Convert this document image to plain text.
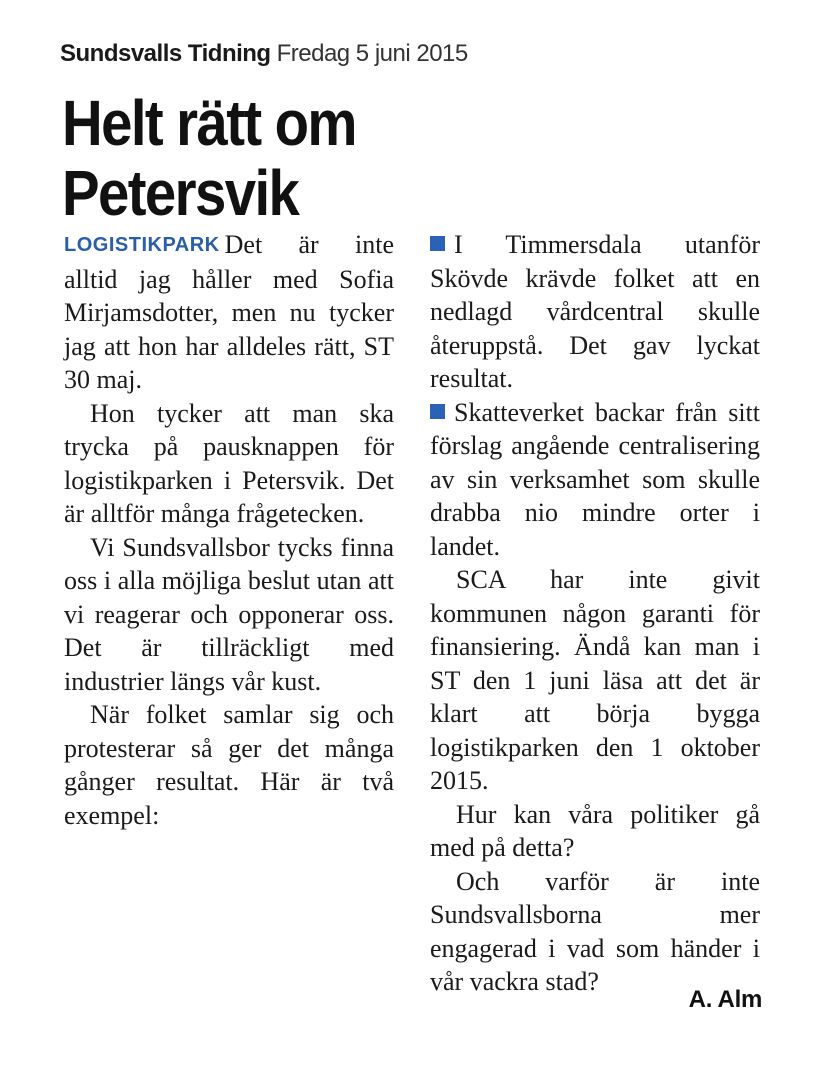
Sundsvalls Tidning Fredag 5 juni 2015
Helt rätt om Petersvik

LOGISTIKPARK Det är inte alltid jag håller med Sofia Mirjamsdotter, men nu tycker jag att hon har alldeles rätt, ST 30 maj.

Hon tycker att man ska trycka på pausknappen för logistikparken i Petersvik. Det är alltför många frågetecken.

Vi Sundsvallsbor tycks finna oss i alla möjliga beslut utan att vi reagerar och opponerar oss. Det är tillräckligt med industrier längs vår kust.

När folket samlar sig och protesterar så ger det många gånger resultat. Här är två exempel:

I Timmersdala utanför Skövde krävde folket att en nedlagd vårdcentral skulle återuppstå. Det gav lyckat resultat.

Skatteverket backar från sitt förslag angående centralisering av sin verksamhet som skulle drabba nio mindre orter i landet.

SCA har inte givit kommunen någon garanti för finansiering. Ändå kan man i ST den 1 juni läsa att det är klart att börja bygga logistikparken den 1 oktober 2015.

Hur kan våra politiker gå med på detta?

Och varför är inte Sundsvallsborna mer engagerad i vad som händer i vår vackra stad?

A. Alm
